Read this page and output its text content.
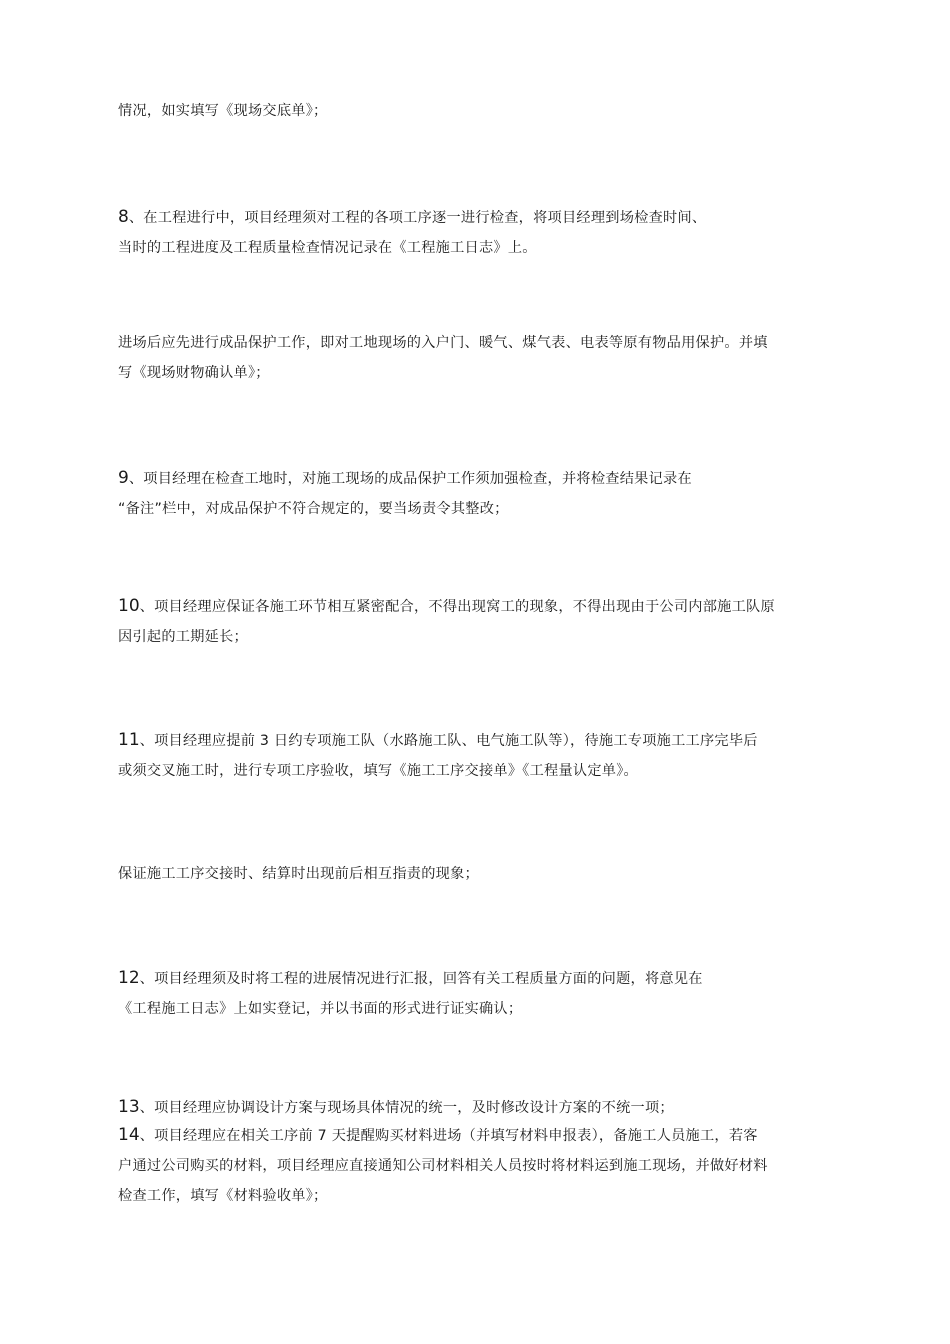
情况，如实填写《现场交底单》；

8、在工程进行中，项目经理须对工程的各项工序逐一进行检查，将项目经理到场检查时间、
当时的工程进度及工程质量检查情况记录在《工程施工日志》上。

进场后应先进行成品保护工作，即对工地现场的入户门、暖气、煤气表、电表等原有物品用保护。并填
写《现场财物确认单》；

9、项目经理在检查工地时，对施工现场的成品保护工作须加强检查，并将检查结果记录在
“备注”栏中，对成品保护不符合规定的，要当场责令其整改；

10、项目经理应保证各施工环节相互紧密配合，不得出现窝工的现象，不得出现由于公司内部施工队原
因引起的工期延长；

11、项目经理应提前 3 日约专项施工队（水路施工队、电气施工队等），待施工专项施工工序完毕后
或须交叉施工时，进行专项工序验收，填写《施工工序交接单》《工程量认定单》。

保证施工工序交接时、结算时出现前后相互指责的现象；

12、项目经理须及时将工程的进展情况进行汇报，回答有关工程质量方面的问题，将意见在
《工程施工日志》上如实登记，并以书面的形式进行证实确认；

13、项目经理应协调设计方案与现场具体情况的统一，及时修改设计方案的不统一项；

14、项目经理应在相关工序前 7 天提醒购买材料进场（并填写材料申报表），备施工人员施工，若客
户通过公司购买的材料，项目经理应直接通知公司材料相关人员按时将材料运到施工现场，并做好材料
检查工作，填写《材料验收单》；
